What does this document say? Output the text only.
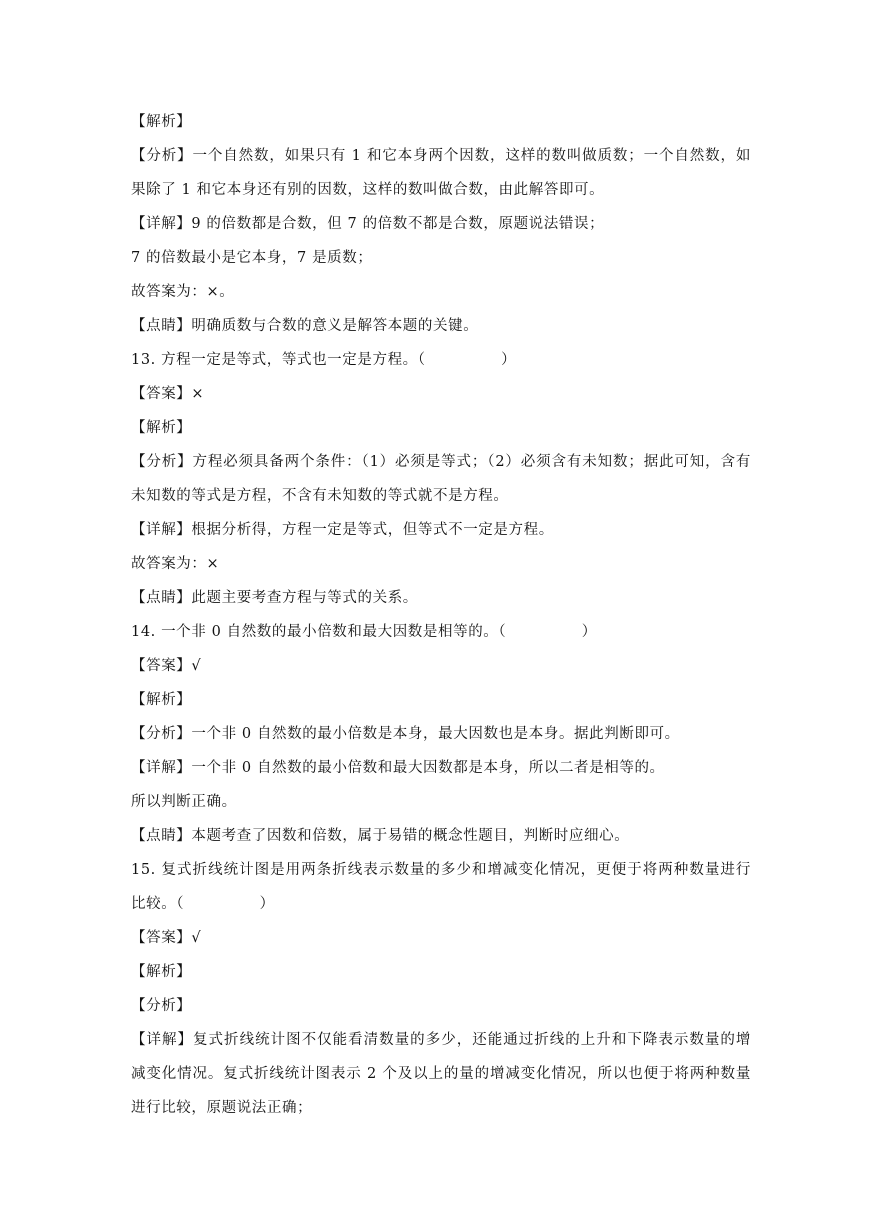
【解析】
【分析】一个自然数，如果只有 1 和它本身两个因数，这样的数叫做质数；一个自然数，如
果除了 1 和它本身还有别的因数，这样的数叫做合数，由此解答即可。
【详解】9 的倍数都是合数，但 7 的倍数不都是合数，原题说法错误；
7 的倍数最小是它本身，7 是质数；
故答案为：×。
【点睛】明确质数与合数的意义是解答本题的关键。
13. 方程一定是等式，等式也一定是方程。（　　　　　）
【答案】×
【解析】
【分析】方程必须具备两个条件：（1）必须是等式；（2）必须含有未知数；据此可知，含有
未知数的等式是方程，不含有未知数的等式就不是方程。
【详解】根据分析得，方程一定是等式，但等式不一定是方程。
故答案为：×
【点睛】此题主要考查方程与等式的关系。
14. 一个非 0 自然数的最小倍数和最大因数是相等的。（　　　　　）
【答案】√
【解析】
【分析】一个非 0 自然数的最小倍数是本身，最大因数也是本身。据此判断即可。
【详解】一个非 0 自然数的最小倍数和最大因数都是本身，所以二者是相等的。
所以判断正确。
【点睛】本题考查了因数和倍数，属于易错的概念性题目，判断时应细心。
15. 复式折线统计图是用两条折线表示数量的多少和增减变化情况，更便于将两种数量进行
比较。（　　　　　）
【答案】√
【解析】
【分析】
【详解】复式折线统计图不仅能看清数量的多少，还能通过折线的上升和下降表示数量的增
减变化情况。复式折线统计图表示 2 个及以上的量的增减变化情况，所以也便于将两种数量
进行比较，原题说法正确；
